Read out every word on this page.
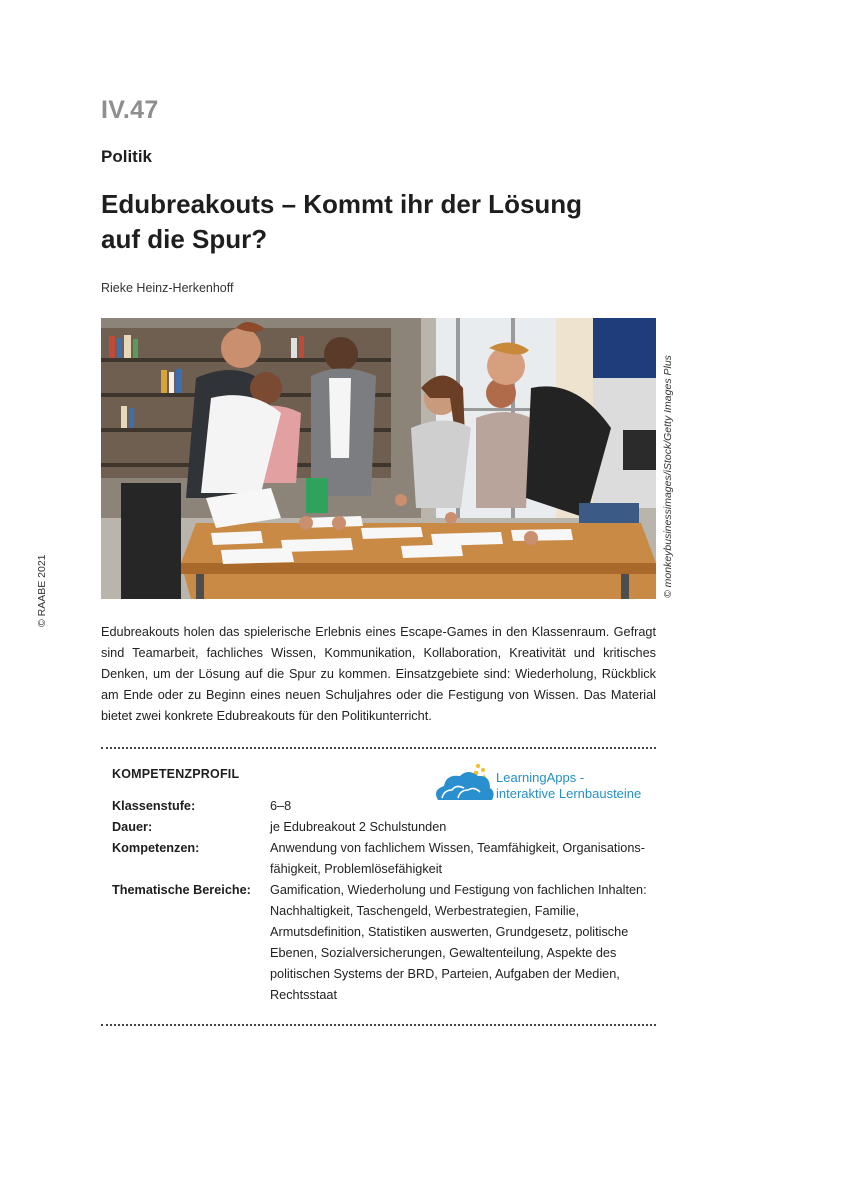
IV.47
Politik
Edubreakouts – Kommt ihr der Lösung
auf die Spur?
Rieke Heinz-Herkenhoff
© monkeybusinessimages/iStock/Getty Images Plus
© RAABE 2021
Edubreakouts holen das spielerische Erlebnis eines Escape-Games in den Klassenraum. Gefragt sind Teamarbeit, fachliches Wissen, Kommunikation, Kollaboration, Kreativität und kritisches Denken, um der Lösung auf die Spur zu kommen. Einsatzgebiete sind: Wiederholung, Rückblick am Ende oder zu Beginn eines neuen Schuljahres oder die Festigung von Wissen. Das Material bietet zwei konkrete Edubreakouts für den Politikunterricht.
KOMPETENZPROFIL	LearningApps -
interaktive Lernbausteine
Klassenstufe:	6–8
Dauer:	je Edubreakout 2 Schulstunden
Kompetenzen:	Anwendung von fachlichem Wissen, Teamfähigkeit, Organisationsfähigkeit, Problemlösefähigkeit
Thematische Bereiche:	Gamification, Wiederholung und Festigung von fachlichen Inhalten: Nachhaltigkeit, Taschengeld, Werbestrategien, Familie, Armutsdefinition, Statistiken auswerten, Grundgesetz, politische Ebenen, Sozialversicherungen, Gewaltenteilung, Aspekte des politischen Systems der BRD, Parteien, Aufgaben der Medien, Rechtsstaat
